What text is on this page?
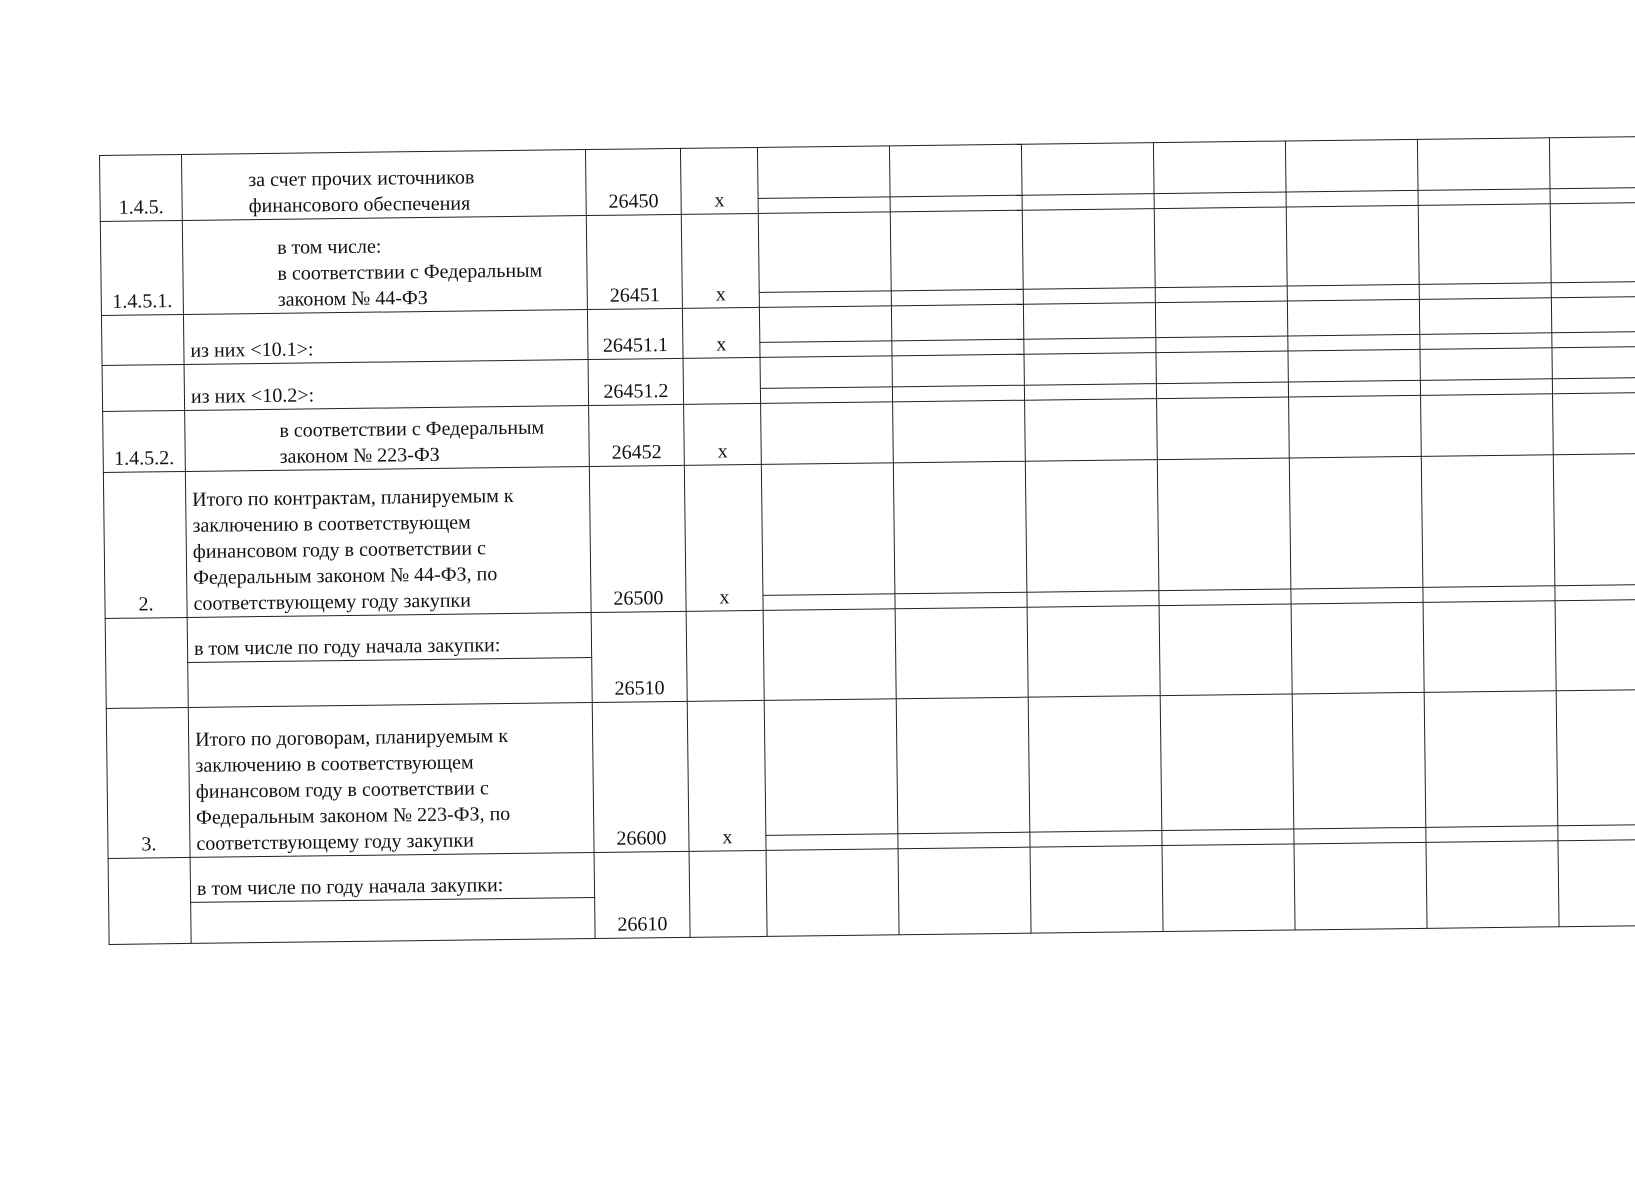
1.4.5.	за счет прочих источников
финансового обеспечения	26450	x							

1.4.5.1.	в том числе:
в соответствии с Федеральным
законом № 44-ФЗ	26451	x							

	из них <10.1>:	26451.1	x							

	из них <10.2>:	26451.2								

1.4.5.2.	в соответствии с Федеральным
законом № 223-ФЗ	26452	x							
2.	Итого по контрактам, планируемым к
заключению в соответствующем
финансовом году в соответствии с
Федеральным законом № 44-ФЗ, по
соответствующему году закупки	26500	x							

	в том числе по году начала закупки:	26510								

3.	Итого по договорам, планируемым к
заключению в соответствующем
финансовом году в соответствии с
Федеральным законом № 223-ФЗ, по
соответствующему году закупки	26600	x							

	в том числе по году начала закупки:	26610								
